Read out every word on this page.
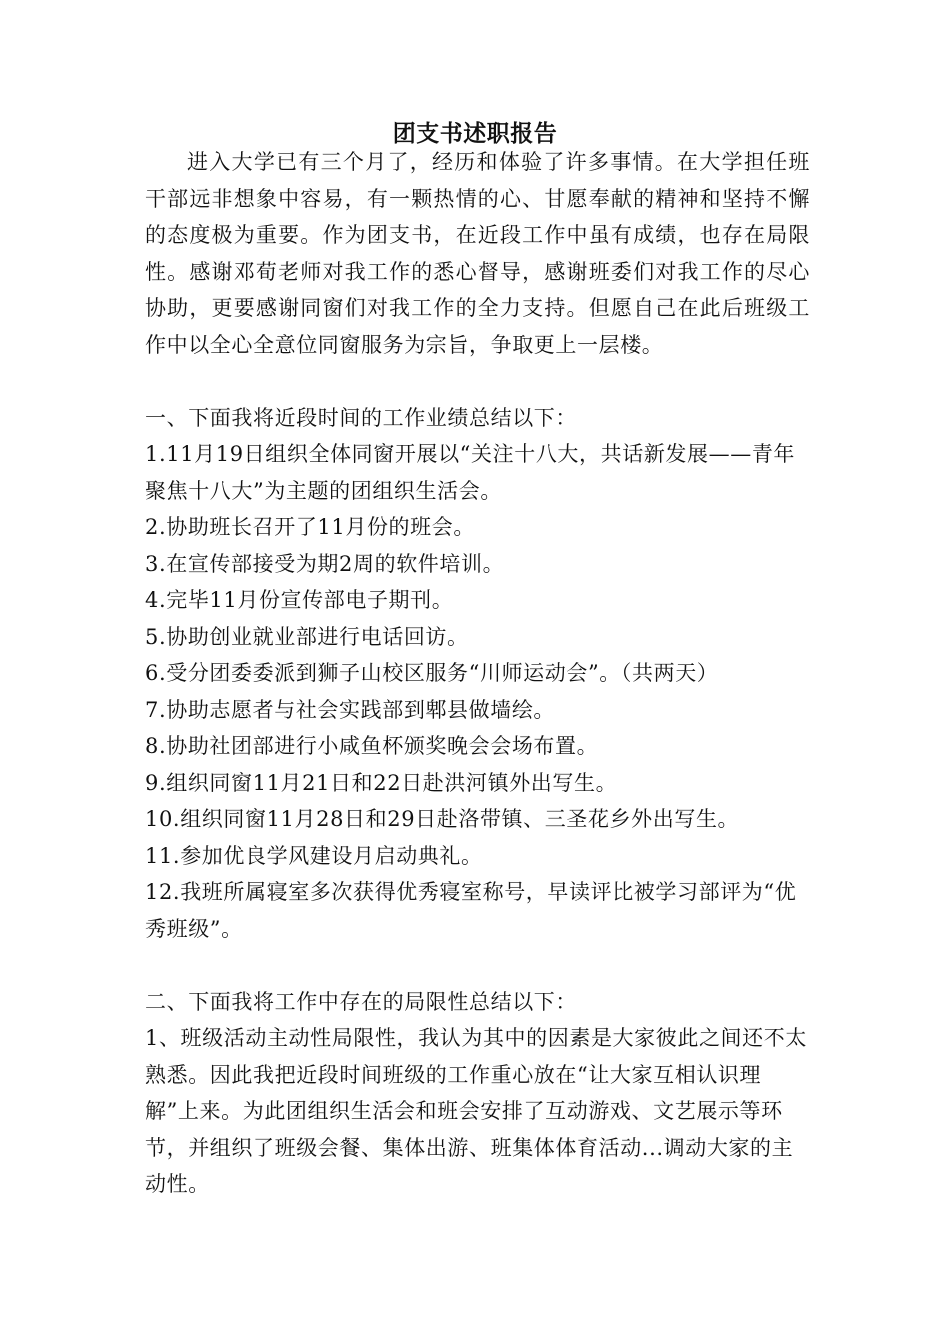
团支书述职报告

进入大学已有三个月了，经历和体验了许多事情。在大学担任班干部远非想象中容易，有一颗热情的心、甘愿奉献的精神和坚持不懈的态度极为重要。作为团支书，在近段工作中虽有成绩，也存在局限性。感谢邓荀老师对我工作的悉心督导，感谢班委们对我工作的尽心协助，更要感谢同窗们对我工作的全力支持。但愿自己在此后班级工作中以全心全意位同窗服务为宗旨，争取更上一层楼。

一、下面我将近段时间的工作业绩总结以下：

1.11月19日组织全体同窗开展以“关注十八大，共话新发展——青年聚焦十八大”为主题的团组织生活会。

2.协助班长召开了11月份的班会。

3.在宣传部接受为期2周的软件培训。

4.完毕11月份宣传部电子期刊。

5.协助创业就业部进行电话回访。

6.受分团委委派到狮子山校区服务“川师运动会”。（共两天）

7.协助志愿者与社会实践部到郫县做墙绘。

8.协助社团部进行小咸鱼杯颁奖晚会会场布置。

9.组织同窗11月21日和22日赴洪河镇外出写生。

10.组织同窗11月28日和29日赴洛带镇、三圣花乡外出写生。

11.参加优良学风建设月启动典礼。

12.我班所属寝室多次获得优秀寝室称号，早读评比被学习部评为“优秀班级”。

二、下面我将工作中存在的局限性总结以下：

1、班级活动主动性局限性，我认为其中的因素是大家彼此之间还不太熟悉。因此我把近段时间班级的工作重心放在“让大家互相认识理解”上来。为此团组织生活会和班会安排了互动游戏、文艺展示等环节，并组织了班级会餐、集体出游、班集体体育活动...调动大家的主动性。
